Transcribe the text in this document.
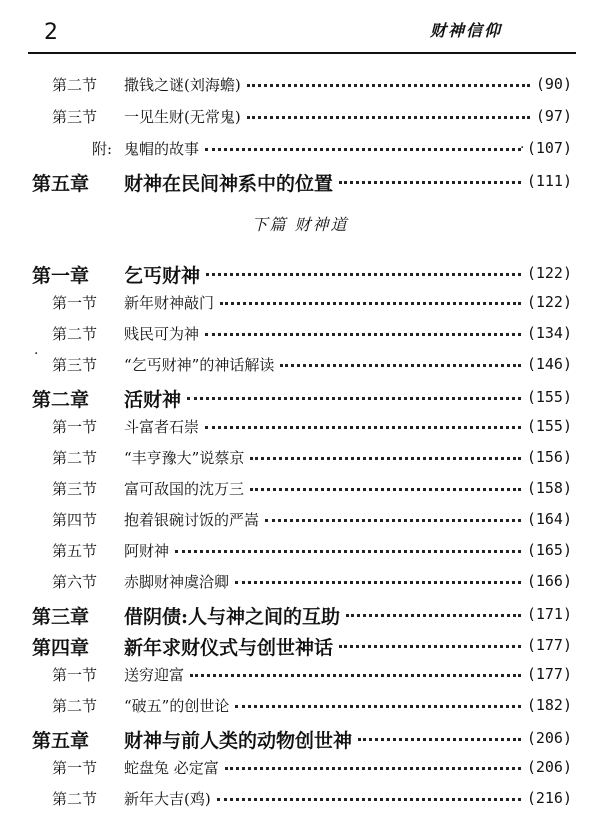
2	财神信仰
第二节 撒钱之谜(刘海蟾)	(90)
第三节 一见生财(无常鬼)	(97)
附: 鬼帽的故事	(107)
第五章 财神在民间神系中的位置	(111)
第一章 乞丐财神	(122)
第一节 新年财神敲门	(122)
第二节 贱民可为神	(134)
第三节 “乞丐财神”的神话解读	(146)
第二章 活财神	(155)
第一节 斗富者石崇	(155)
第二节 “丰亨豫大”说蔡京	(156)
第三节 富可敌国的沈万三	(158)
第四节 抱着银碗讨饭的严嵩	(164)
第五节 阿财神	(165)
第六节 赤脚财神虞洽卿	(166)
第三章 借阴债:人与神之间的互助	(171)
第四章 新年求财仪式与创世神话	(177)
第一节 送穷迎富	(177)
第二节 “破五”的创世论	(182)
第五章 财神与前人类的动物创世神	(206)
第一节 蛇盘兔 必定富	(206)
第二节 新年大吉(鸡)	(216)
下篇 财神道
·
·
